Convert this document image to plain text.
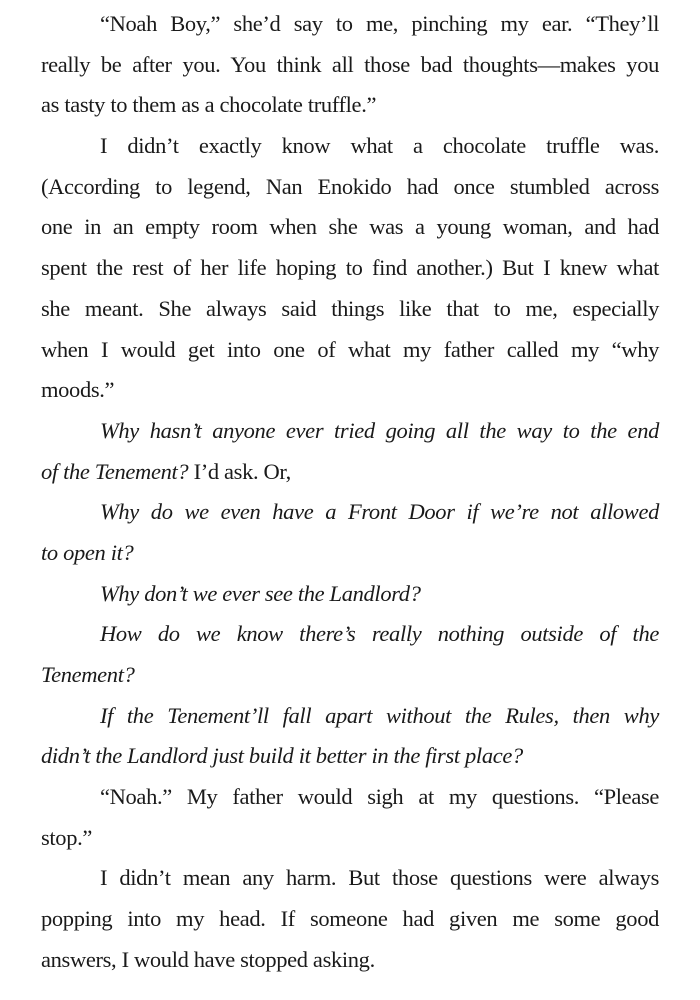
“Noah Boy,” she’d say to me, pinching my ear. “They’ll
really be after you. You think all those bad thoughts—makes you
as tasty to them as a chocolate truffle.”
I didn’t exactly know what a chocolate truffle was.
(According to legend, Nan Enokido had once stumbled across
one in an empty room when she was a young woman, and had
spent the rest of her life hoping to find another.) But I knew what
she meant. She always said things like that to me, especially
when I would get into one of what my father called my “why
moods.”
Why hasn’t anyone ever tried going all the way to the end
of the Tenement? I’d ask. Or,
Why do we even have a Front Door if we’re not allowed
to open it?
Why don’t we ever see the Landlord?
How do we know there’s really nothing outside of the
Tenement?
If the Tenement’ll fall apart without the Rules, then why
didn’t the Landlord just build it better in the first place?
“Noah.” My father would sigh at my questions. “Please
stop.”
I didn’t mean any harm. But those questions were always
popping into my head. If someone had given me some good
answers, I would have stopped asking.
